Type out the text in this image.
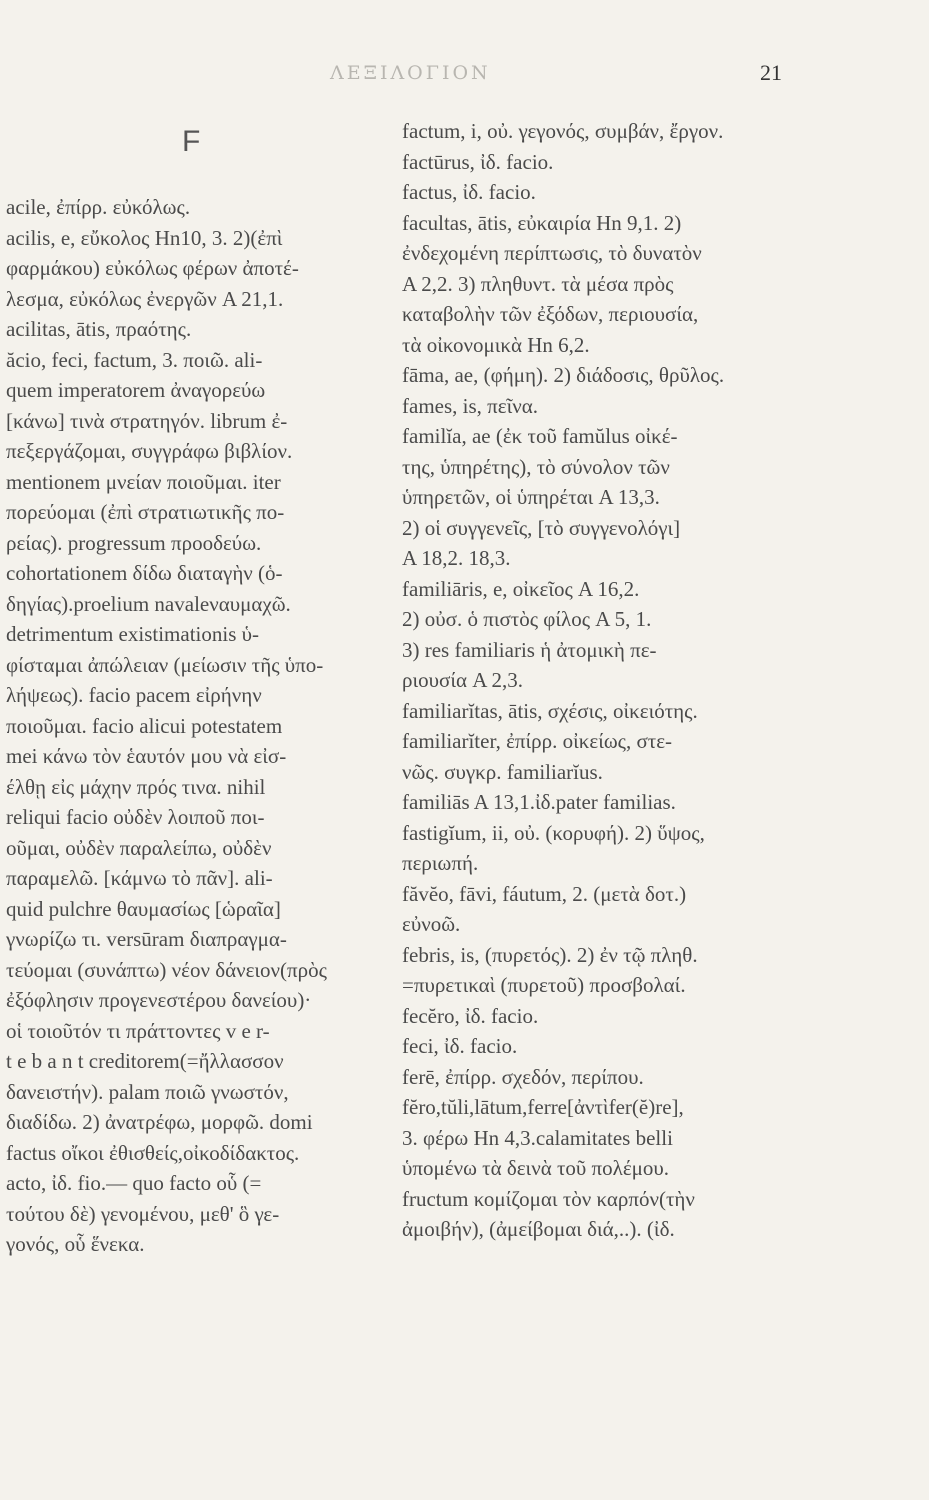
ΛΕΞΙΛΟΓΙΟΝ	21
F
acile, ἐπίρρ. εὐκόλως.
acilis, e, εὔκολος Hn10, 3. 2)(ἐπὶ
φαρμάκου) εὐκόλως φέρων ἀποτέ-
λεσμα, εὐκόλως ἐνεργῶν A 21,1.
acilitas, ātis, πραότης.
ăcio, feci, factum, 3. ποιῶ. ali-
quem imperatorem ἀναγορεύω
[κάνω] τινὰ στρατηγόν. librum ἐ-
πεξεργάζομαι, συγγράφω βιβλίον.
mentionem μνείαν ποιοῦμαι. iter
πορεύομαι (ἐπὶ στρατιωτικῆς πο-
ρείας). progressum προοδεύω.
cohortationem δίδω διαταγὴν (ὁ-
δηγίας).proelium navaleναυμαχῶ.
detrimentum existimationis ὑ-
φίσταμαι ἀπώλειαν (μείωσιν τῆς ὑπο-
λήψεως). facio pacem εἰρήνην
ποιοῦμαι. facio alicui potestatem
mei κάνω τὸν ἑαυτόν μου νὰ εἰσ-
έλθῃ εἰς μάχην πρός τινα. nihil
reliqui facio οὐδὲν λοιποῦ ποι-
οῦμαι, οὐδὲν παραλείπω, οὐδὲν
παραμελῶ. [κάμνω τὸ πᾶν]. ali-
quid pulchre θαυμασίως [ὡραῖα]
γνωρίζω τι. versūram διαπραγμα-
τεύομαι (συνάπτω) νέον δάνειον(πρὸς
ἐξόφλησιν προγενεστέρου δανείου)·
οἱ τοιοῦτόν τι πράττοντες v e r-
t e b a n t creditorem(=ἤλλασσον
δανειστήν). palam ποιῶ γνωστόν,
διαδίδω. 2) ἀνατρέφω, μορφῶ. domi
factus οἴκοι ἐθισθείς,οἰκοδίδακτος.
acto, ἰδ. fio.— quo facto οὗ (=
τούτου δὲ) γενομένου, μεθ' ὃ γε-
γονός, οὗ ἕνεκα.
factum, i, οὐ. γεγονός, συμβάν, ἔργον.
factūrus, ἰδ. facio.
factus, ἰδ. facio.
facultas, ātis, εὐκαιρία Hn 9,1. 2)
ἐνδεχομένη περίπτωσις, τὸ δυνατὸν
A 2,2. 3) πληθυντ. τὰ μέσα πρὸς
καταβολὴν τῶν ἐξόδων, περιουσία,
τὰ οἰκονομικὰ Hn 6,2.
fāma, ae, (φήμη). 2) διάδοσις, θρῦλος.
fames, is, πεῖνα.
familĭa, ae (ἐκ τοῦ famŭlus οἰκέ-
της, ὑπηρέτης), τὸ σύνολον τῶν
ὑπηρετῶν, οἱ ὑπηρέται A 13,3.
2) οἱ συγγενεῖς, [τὸ συγγενολόγι]
A 18,2. 18,3.
familiāris, e, οἰκεῖος A 16,2.
2) οὐσ. ὁ πιστὸς φίλος A 5, 1.
3) res familiaris ἡ ἀτομικὴ πε-
ριουσία A 2,3.
familiarĭtas, ātis, σχέσις, οἰκειότης.
familiarĭter, ἐπίρρ. οἰκείως, στε-
νῶς. συγκρ. familiarĭus.
familiās A 13,1.ἰδ.pater familias.
fastigĭum, ii, οὐ. (κορυφή). 2) ὕψος,
περιωπή.
făvĕo, fāvi, fáutum, 2. (μετὰ δοτ.)
εὐνοῶ.
febris, is, (πυρετός). 2) ἐν τῷ πληθ.
=πυρετικαὶ (πυρετοῦ) προσβολαί.
fecĕro, ἰδ. facio.
feci, ἰδ. facio.
ferē, ἐπίρρ. σχεδόν, περίπου.
fĕro,tŭli,lātum,ferre[ἀντὶfer(ĕ)re],
3. φέρω Hn 4,3.calamitates belli
ὑπομένω τὰ δεινὰ τοῦ πολέμου.
fructum κομίζομαι τὸν καρπόν(τὴν
ἀμοιβήν), (ἀμείβομαι διά,..). (ἰδ.
